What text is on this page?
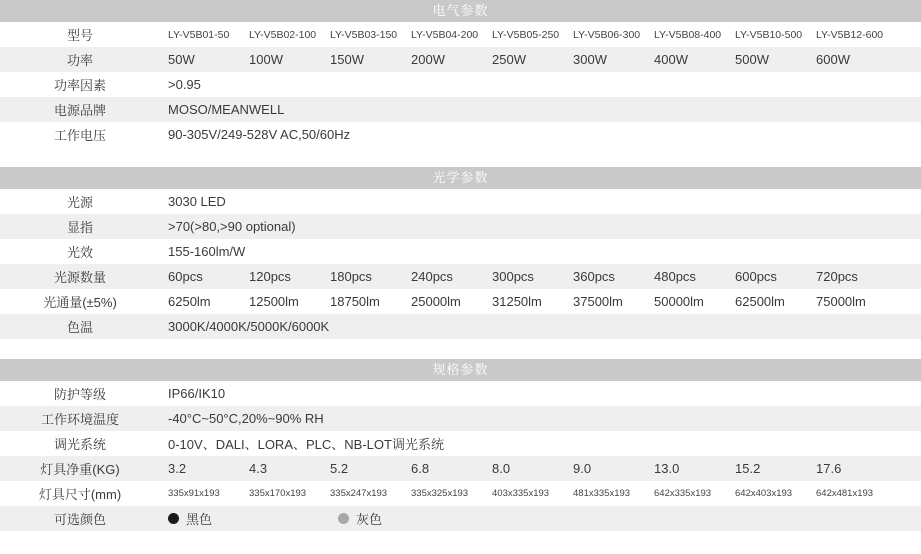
电气参数
型号	LY-V5B01-50	LY-V5B02-100	LY-V5B03-150	LY-V5B04-200	LY-V5B05-250	LY-V5B06-300	LY-V5B08-400	LY-V5B10-500	LY-V5B12-600
功率	50W	100W	150W	200W	250W	300W	400W	500W	600W
功率因素	>0.95
电源品牌	MOSO/MEANWELL
工作电压	90-305V/249-528V AC,50/60Hz
光学参数
光源	3030 LED
显指	>70(>80,>90 optional)
光效	155-160lm/W
光源数量	60pcs	120pcs	180pcs	240pcs	300pcs	360pcs	480pcs	600pcs	720pcs
光通量(±5%)	6250lm	12500lm	18750lm	25000lm	31250lm	37500lm	50000lm	62500lm	75000lm
色温	3000K/4000K/5000K/6000K
规格参数
防护等级	IP66/IK10
工作环境温度	-40°C~50°C,20%~90% RH
调光系统	0-10V、DALI、LORA、PLC、NB-LOT调光系统
灯具净重(KG)	3.2	4.3	5.2	6.8	8.0	9.0	13.0	15.2	17.6
灯具尺寸(mm)	335x91x193	335x170x193	335x247x193	335x325x193	403x335x193	481x335x193	642x335x193	642x403x193	642x481x193
可选颜色	黑色	灰色
